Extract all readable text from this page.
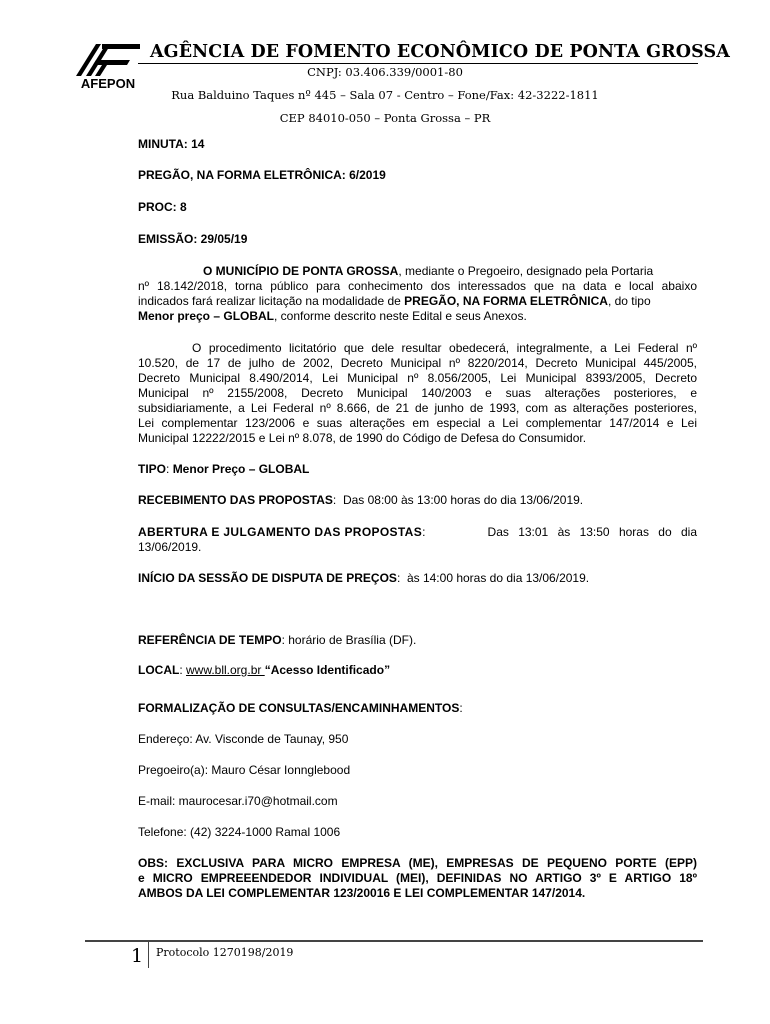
AFEPON
AGÊNCIA DE FOMENTO ECONÔMICO DE PONTA GROSSA
CNPJ: 03.406.339/0001-80
Rua Balduino Taques nº 445 – Sala 07 - Centro – Fone/Fax: 42-3222-1811
CEP 84010-050 – Ponta Grossa – PR
MINUTA: 14
PREGÃO, NA FORMA ELETRÔNICA: 6/2019
PROC: 8
EMISSÃO: 29/05/19
O MUNICÍPIO DE PONTA GROSSA, mediante o Pregoeiro, designado pela Portaria
nº 18.142/2018, torna público para conhecimento dos interessados que na data e local abaixo
indicados fará realizar licitação na modalidade de PREGÃO, NA FORMA ELETRÔNICA, do tipo
Menor preço – GLOBAL, conforme descrito neste Edital e seus Anexos.
O procedimento licitatório que dele resultar obedecerá, integralmente, a Lei Federal nº
10.520, de 17 de julho de 2002, Decreto Municipal nº 8220/2014, Decreto Municipal 445/2005,
Decreto Municipal 8.490/2014, Lei Municipal nº 8.056/2005, Lei Municipal 8393/2005, Decreto
Municipal nº 2155/2008, Decreto Municipal 140/2003 e suas alterações posteriores, e
subsidiariamente, a Lei Federal nº 8.666, de 21 de junho de 1993, com as alterações posteriores,
Lei complementar 123/2006 e suas alterações em especial a Lei complementar 147/2014 e Lei
Municipal 12222/2015 e Lei nº 8.078, de 1990 do Código de Defesa do Consumidor.
TIPO: Menor Preço – GLOBAL
RECEBIMENTO DAS PROPOSTAS:  Das 08:00 às 13:00 horas do dia 13/06/2019.
ABERTURA E JULGAMENTO DAS PROPOSTAS:	Das 13:01 às 13:50 horas do dia
13/06/2019.
INÍCIO DA SESSÃO DE DISPUTA DE PREÇOS:  às 14:00 horas do dia 13/06/2019.
REFERÊNCIA DE TEMPO: horário de Brasília (DF).
LOCAL: www.bll.org.br “Acesso Identificado”
FORMALIZAÇÃO DE CONSULTAS/ENCAMINHAMENTOS:
Endereço: Av. Visconde de Taunay, 950
Pregoeiro(a): Mauro César Ionnglebood
E-mail: maurocesar.i70@hotmail.com
Telefone: (42) 3224-1000 Ramal 1006
OBS: EXCLUSIVA PARA MICRO EMPRESA (ME), EMPRESAS DE PEQUENO PORTE (EPP)
e MICRO EMPREEENDEDOR INDIVIDUAL (MEI), DEFINIDAS NO ARTIGO 3º E ARTIGO 18º
AMBOS DA LEI COMPLEMENTAR 123/20016 E LEI COMPLEMENTAR 147/2014.
1 Protocolo 1270198/2019
